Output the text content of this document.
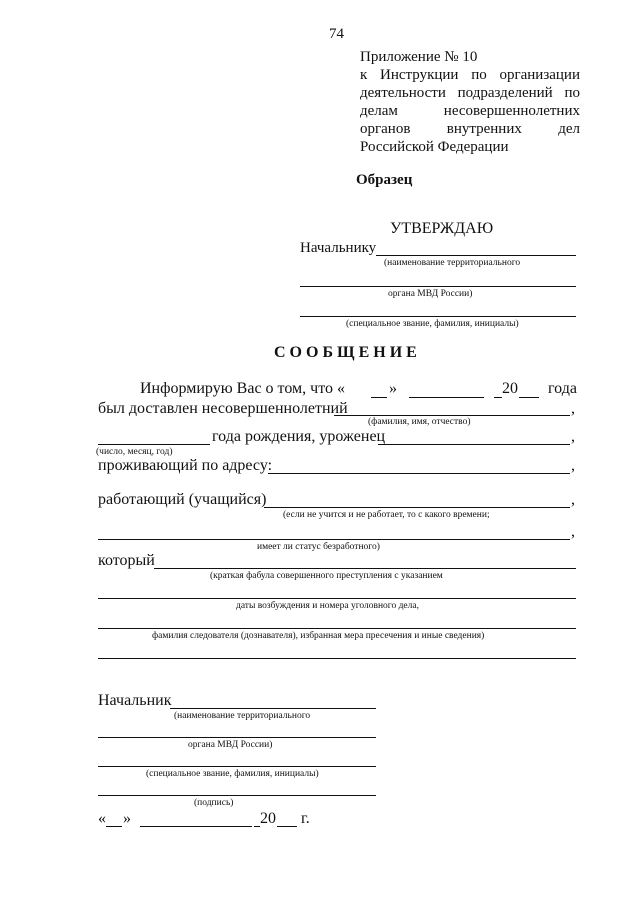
74
Приложение № 10
к Инструкции по организации
деятельности подразделений по
делам несовершеннолетних
органов внутренних дел
Российской Федерации
Образец
УТВЕРЖДАЮ
Начальнику
(наименование территориального
органа МВД России)
(специальное звание, фамилия, инициалы)
СООБЩЕНИЕ
Информирую Вас о том, что «	»	20 года
был доставлен несовершеннолетний	,
(фамилия, имя, отчество)
года рождения, уроженец	,
(число, месяц, год)
проживающий по адресу:	,
работающий (учащийся)	,
(если не учится и не работает, то с какого времени;
,
имеет ли статус безработного)
который
(краткая фабула совершенного преступления с указанием
даты возбуждения и номера уголовного дела,
фамилия следователя (дознавателя), избранная мера пресечения и иные сведения)
Начальник
(наименование территориального
органа МВД России)
(специальное звание, фамилия, инициалы)
(подпись)
« »	20 г.
